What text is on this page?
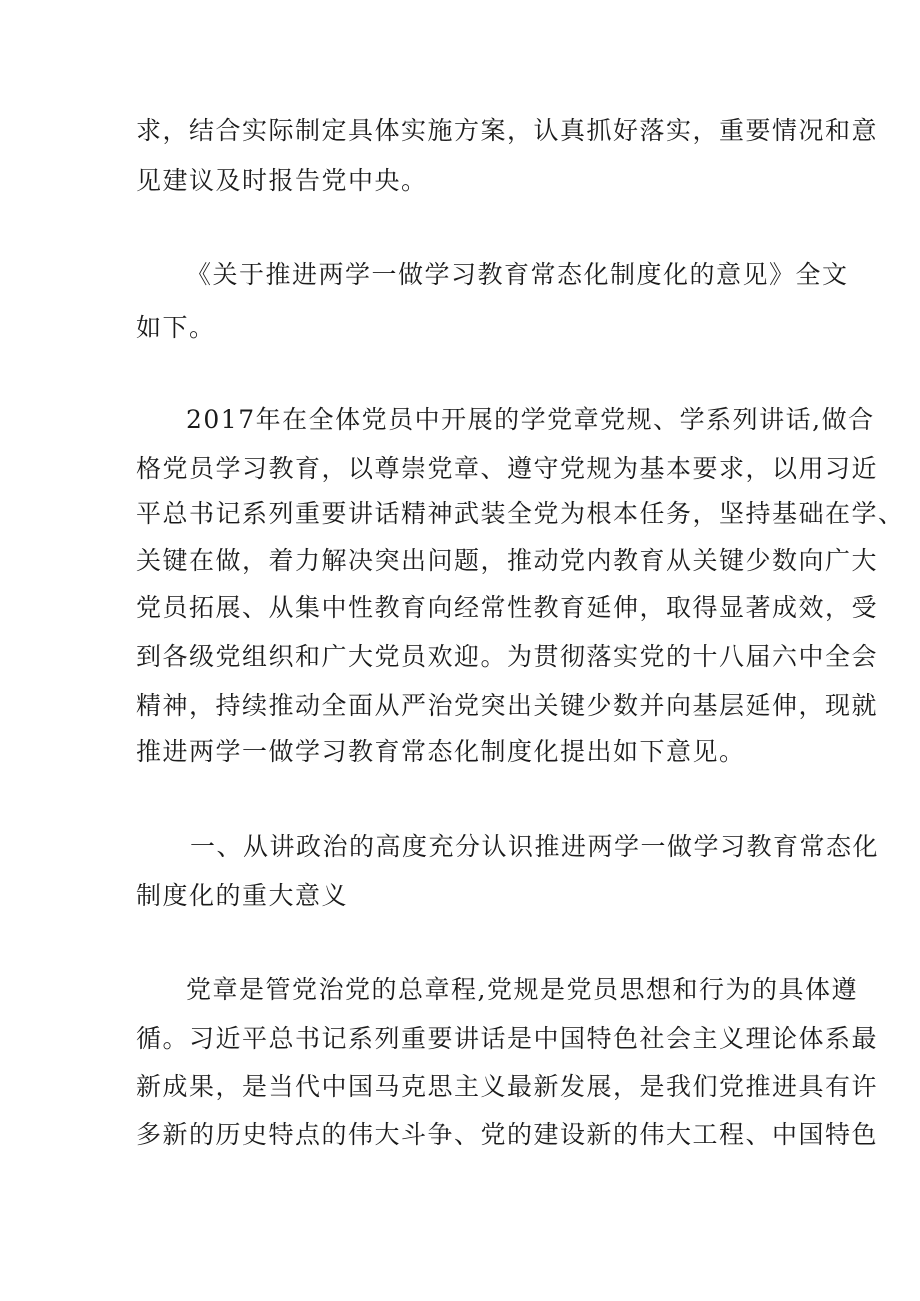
求，结合实际制定具体实施方案，认真抓好落实，重要情况和意

见建议及时报告党中央。

《关于推进两学一做学习教育常态化制度化的意见》全文

如下。

2017年在全体党员中开展的学党章党规、学系列讲话,做合

格党员学习教育，以尊崇党章、遵守党规为基本要求，以用习近

平总书记系列重要讲话精神武装全党为根本任务，坚持基础在学、

关键在做，着力解决突出问题，推动党内教育从关键少数向广大

党员拓展、从集中性教育向经常性教育延伸，取得显著成效，受

到各级党组织和广大党员欢迎。为贯彻落实党的十八届六中全会

精神，持续推动全面从严治党突出关键少数并向基层延伸，现就

推进两学一做学习教育常态化制度化提出如下意见。

一、从讲政治的高度充分认识推进两学一做学习教育常态化

制度化的重大意义

党章是管党治党的总章程,党规是党员思想和行为的具体遵

循。习近平总书记系列重要讲话是中国特色社会主义理论体系最

新成果，是当代中国马克思主义最新发展，是我们党推进具有许

多新的历史特点的伟大斗争、党的建设新的伟大工程、中国特色
